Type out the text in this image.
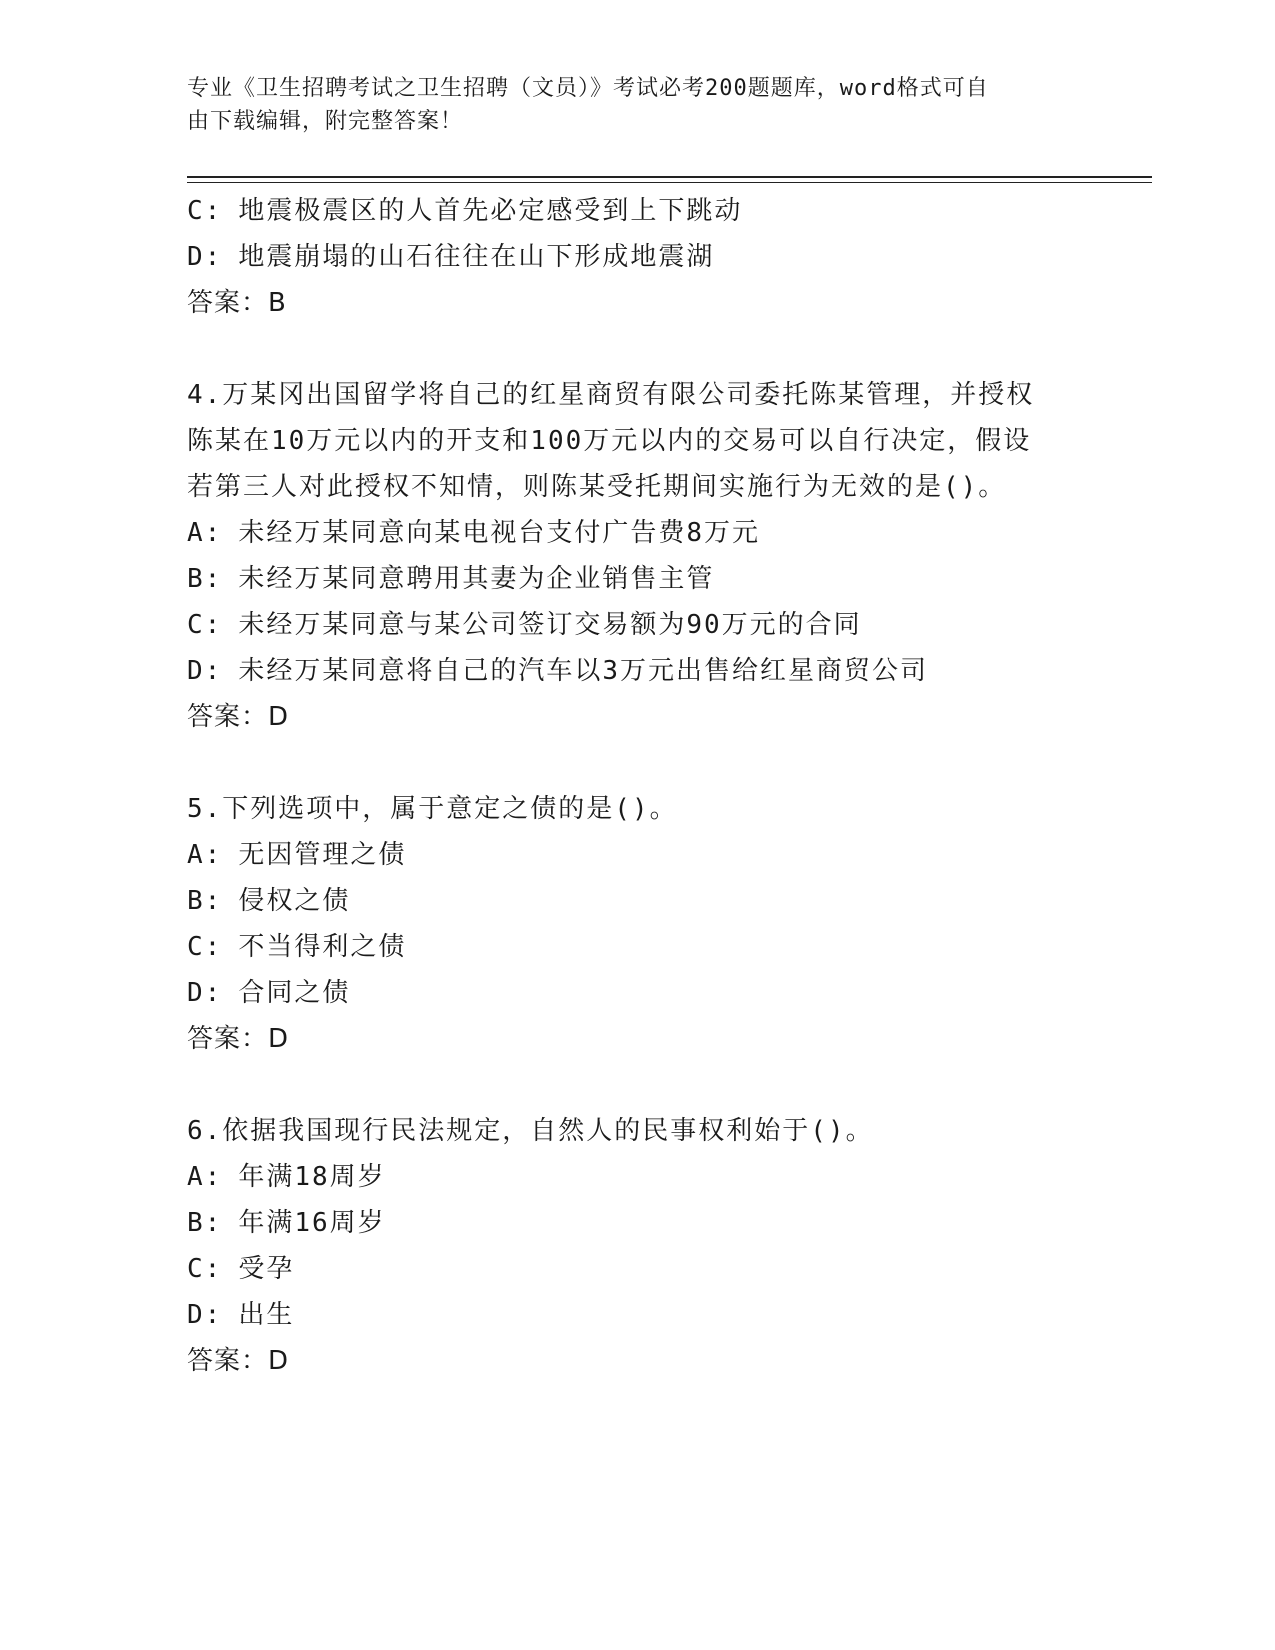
专业《卫生招聘考试之卫生招聘（文员）》考试必考200题题库，word格式可自
由下载编辑，附完整答案！
C: 地震极震区的人首先必定感受到上下跳动
D: 地震崩塌的山石往往在山下形成地震湖
答案：B
4.万某冈出国留学将自己的红星商贸有限公司委托陈某管理，并授权
陈某在10万元以内的开支和100万元以内的交易可以自行决定，假设
若第三人对此授权不知情，则陈某受托期间实施行为无效的是()。
A: 未经万某同意向某电视台支付广告费8万元
B: 未经万某同意聘用其妻为企业销售主管
C: 未经万某同意与某公司签订交易额为90万元的合同
D: 未经万某同意将自己的汽车以3万元出售给红星商贸公司
答案：D
5.下列选项中，属于意定之债的是()。
A: 无因管理之债
B: 侵权之债
C: 不当得利之债
D: 合同之债
答案：D
6.依据我国现行民法规定，自然人的民事权利始于()。
A: 年满18周岁
B: 年满16周岁
C: 受孕
D: 出生
答案：D
